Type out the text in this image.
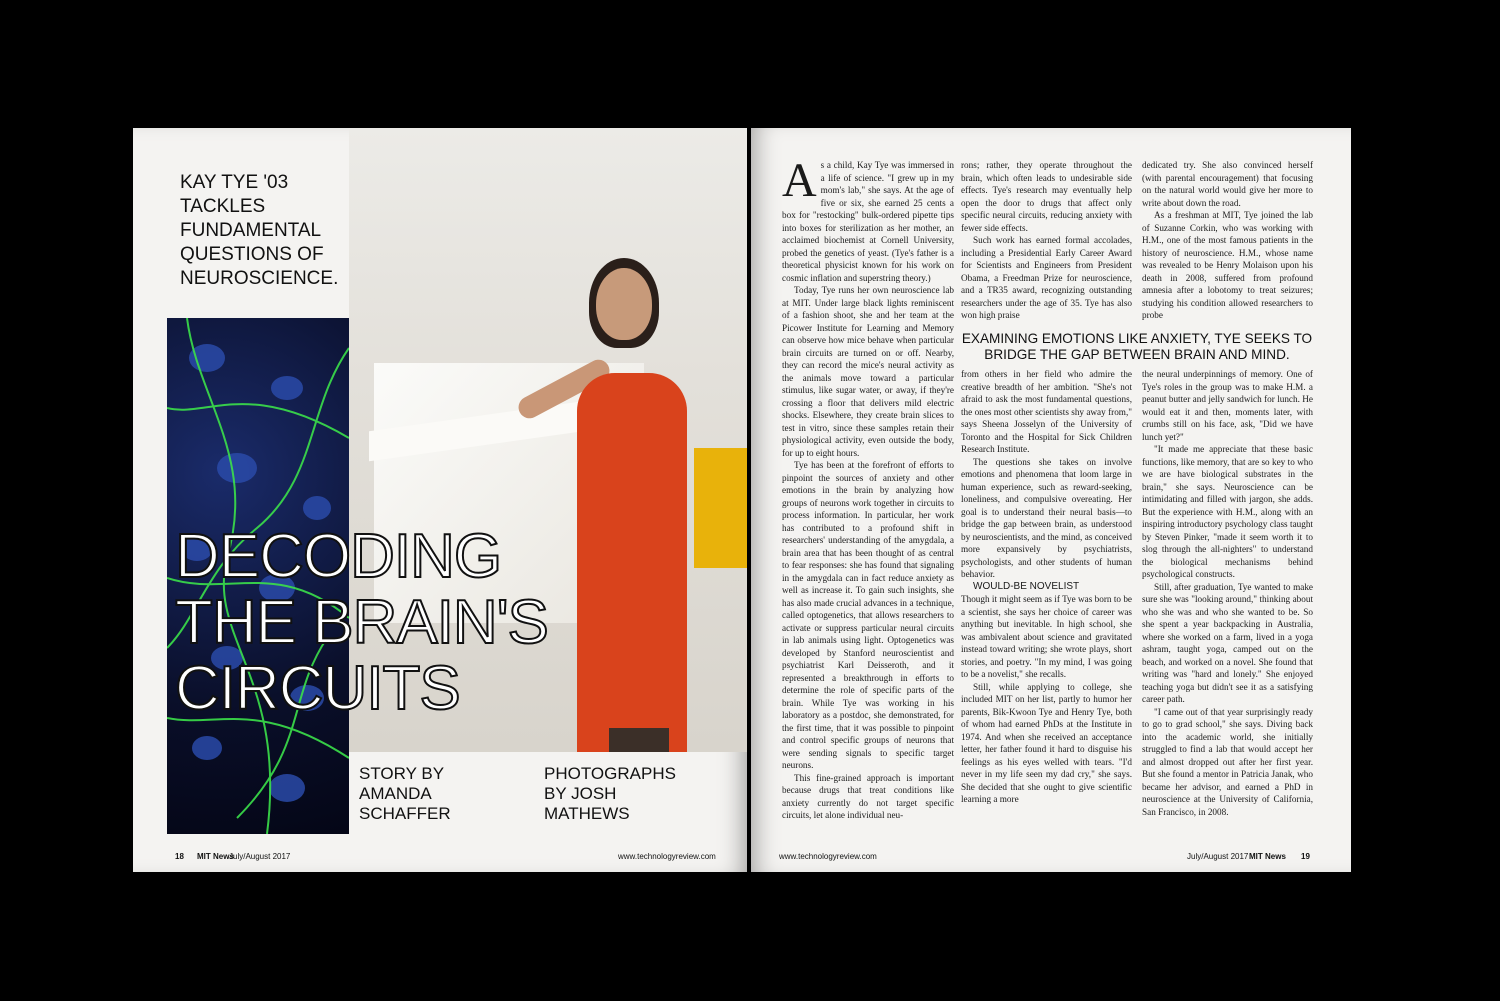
KAY TYE '03 TACKLES FUNDAMENTAL QUESTIONS OF NEUROSCIENCE.
DECODING
THE BRAIN'S
CIRCUITS
STORY BY
AMANDA
SCHAFFER
PHOTOGRAPHS
BY JOSH
MATHEWS
18 MIT News
July/August 2017	www.technologyreview.com

As a child, Kay Tye was immersed in a life of science. "I grew up in my mom's lab," she says. At the age of five or six, she earned 25 cents a box for "restocking" bulk-ordered pipette tips into boxes for sterilization as her mother, an acclaimed biochemist at Cornell University, probed the genetics of yeast. (Tye's father is a theoretical physicist known for his work on cosmic inflation and superstring theory.)

Today, Tye runs her own neuroscience lab at MIT. Under large black lights reminiscent of a fashion shoot, she and her team at the Picower Institute for Learning and Memory can observe how mice behave when particular brain circuits are turned on or off. Nearby, they can record the mice's neural activity as the animals move toward a particular stimulus, like sugar water, or away, if they're crossing a floor that delivers mild electric shocks. Elsewhere, they create brain slices to test in vitro, since these samples retain their physiological activity, even outside the body, for up to eight hours.

Tye has been at the forefront of efforts to pinpoint the sources of anxiety and other emotions in the brain by analyzing how groups of neurons work together in circuits to process information. In particular, her work has contributed to a profound shift in researchers' understanding of the amygdala, a brain area that has been thought of as central to fear responses: she has found that signaling in the amygdala can in fact reduce anxiety as well as increase it. To gain such insights, she has also made crucial advances in a technique, called optogenetics, that allows researchers to activate or suppress particular neural circuits in lab animals using light. Optogenetics was developed by Stanford neuroscientist and psychiatrist Karl Deisseroth, and it represented a breakthrough in efforts to determine the role of specific parts of the brain. While Tye was working in his laboratory as a postdoc, she demonstrated, for the first time, that it was possible to pinpoint and control specific groups of neurons that were sending signals to specific target neurons.

This fine-grained approach is important because drugs that treat conditions like anxiety currently do not target specific circuits, let alone individual neu-

rons; rather, they operate throughout the brain, which often leads to undesirable side effects. Tye's research may eventually help open the door to drugs that affect only specific neural circuits, reducing anxiety with fewer side effects.

Such work has earned formal accolades, including a Presidential Early Career Award for Scientists and Engineers from President Obama, a Freedman Prize for neuroscience, and a TR35 award, recognizing outstanding researchers under the age of 35. Tye has also won high praise

dedicated try. She also convinced herself (with parental encouragement) that focusing on the natural world would give her more to write about down the road.

As a freshman at MIT, Tye joined the lab of Suzanne Corkin, who was working with H.M., one of the most famous patients in the history of neuroscience. H.M., whose name was revealed to be Henry Molaison upon his death in 2008, suffered from profound amnesia after a lobotomy to treat seizures; studying his condition allowed researchers to probe

EXAMINING EMOTIONS LIKE ANXIETY, TYE SEEKS TO BRIDGE THE GAP BETWEEN BRAIN AND MIND.

from others in her field who admire the creative breadth of her ambition. "She's not afraid to ask the most fundamental questions, the ones most other scientists shy away from," says Sheena Josselyn of the University of Toronto and the Hospital for Sick Children Research Institute.

The questions she takes on involve emotions and phenomena that loom large in human experience, such as reward-seeking, loneliness, and compulsive overeating. Her goal is to understand their neural basis—to bridge the gap between brain, as understood by neuroscientists, and the mind, as conceived more expansively by psychiatrists, psychologists, and other students of human behavior.

WOULD-BE NOVELIST

Though it might seem as if Tye was born to be a scientist, she says her choice of career was anything but inevitable. In high school, she was ambivalent about science and gravitated instead toward writing; she wrote plays, short stories, and poetry. "In my mind, I was going to be a novelist," she recalls.

Still, while applying to college, she included MIT on her list, partly to humor her parents, Bik-Kwoon Tye and Henry Tye, both of whom had earned PhDs at the Institute in 1974. And when she received an acceptance letter, her father found it hard to disguise his feelings as his eyes welled with tears. "I'd never in my life seen my dad cry," she says. She decided that she ought to give scientific learning a more

the neural underpinnings of memory. One of Tye's roles in the group was to make H.M. a peanut butter and jelly sandwich for lunch. He would eat it and then, moments later, with crumbs still on his face, ask, "Did we have lunch yet?"

"It made me appreciate that these basic functions, like memory, that are so key to who we are have biological substrates in the brain," she says. Neuroscience can be intimidating and filled with jargon, she adds. But the experience with H.M., along with an inspiring introductory psychology class taught by Steven Pinker, "made it seem worth it to slog through the all-nighters" to understand the biological mechanisms behind psychological constructs.

Still, after graduation, Tye wanted to make sure she was "looking around," thinking about who she was and who she wanted to be. So she spent a year backpacking in Australia, where she worked on a farm, lived in a yoga ashram, taught yoga, camped out on the beach, and worked on a novel. She found that writing was "hard and lonely." She enjoyed teaching yoga but didn't see it as a satisfying career path.

"I came out of that year surprisingly ready to go to grad school," she says. Diving back into the academic world, she initially struggled to find a lab that would accept her and almost dropped out after her first year. But she found a mentor in Patricia Janak, who became her advisor, and earned a PhD in neuroscience at the University of California, San Francisco, in 2008.

www.technologyreview.com	July/August 2017 MIT News 19
